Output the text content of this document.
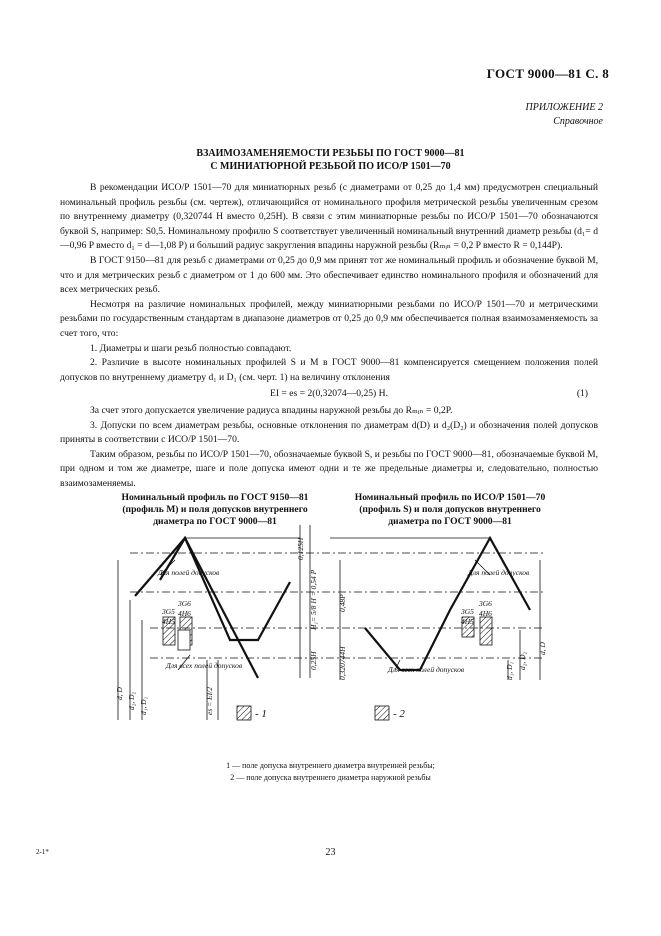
ГОСТ 9000—81 С. 8
ПРИЛОЖЕНИЕ 2
Справочное
ВЗАИМОЗАМЕНЯЕМОСТИ РЕЗЬБЫ ПО ГОСТ 9000—81
С МИНИАТЮРНОЙ РЕЗЬБОЙ ПО ИСО/Р 1501—70

В рекомендации ИСО/Р 1501—70 для миниатюрных резьб (с диаметрами от 0,25 до 1,4 мм) предусмотрен специальный номинальный профиль резьбы (см. чертеж), отличающийся от номинального профиля метрической резьбы увеличенным срезом по внутреннему диаметру (0,320744 H вместо 0,25H). В связи с этим миниатюрные резьбы по ИСО/Р 1501—70 обозначаются буквой S, например: S0,5. Номинальному профилю S соответствует увеличенный номинальный внутренний диаметр резьбы (d₁= d—0,96 P вместо d₁ = d—1,08 P) и больший радиус закругления впадины наружной резьбы (Rₘᵢₙ = 0,2 P вместо R = 0,144P).

В ГОСТ 9150—81 для резьб с диаметрами от 0,25 до 0,9 мм принят тот же номинальный профиль и обозначение буквой M, что и для метрических резьб с диаметром от 1 до 600 мм. Это обеспечивает единство номинального профиля и обозначений для всех метрических резьб.

Несмотря на различие номинальных профилей, между миниатюрными резьбами по ИСО/Р 1501—70 и метрическими резьбами по государственным стандартам в диапазоне диаметров от 0,25 до 0,9 мм обеспечивается полная взаимозаменяемость за счет того, что:

1. Диаметры и шаги резьб полностью совпадают.

2. Различие в высоте номинальных профилей S и M в ГОСТ 9000—81 компенсируется смещением положения полей допусков по внутреннему диаметру d₁ и D₁ (см. черт. 1) на величину отклонения

EI = es = 2(0,32074—0,25) H.	(1)

За счет этого допускается увеличение радиуса впадины наружной резьбы до Rₘᵢₙ = 0,2P.

3. Допуски по всем диаметрам резьбы, основные отклонения по диаметрам d(D) и d₂(D₂) и обозначения полей допусков приняты в соответствии с ИСО/Р 1501—70.

Таким образом, резьбы по ИСО/Р 1501—70, обозначаемые буквой S, и резьбы по ГОСТ 9000—81, обозначаемые буквой M, при одном и том же диаметре, шаге и поле допуска имеют одни и те же предельные диаметры и, следовательно, полностью взаимозаменяемы.

Номинальный профиль по ГОСТ 9150—81
(профиль М) и поля допусков внутреннего
диаметра по ГОСТ 9000—81
Номинальный профиль по ИСО/Р 1501—70
(профиль S) и поля допусков внутреннего
диаметра по ГОСТ 9000—81
0,125H
H₁= 5/8 H = 0,54 P	0,48P
0,25H	0,320744H
Для полей допусков	Для полей допусков
3G5
3G6
4H5
4H6	3G5
3G6
4H5
4H6
Для всех полей допусков	Для всех полей допусков
d, D d₂, D₂ d₁, D₁	es = EI/2
d, D
d₂, D₂
d₁, D₁
- 1	- 2
1 — поле допуска внутреннего диаметра внутренней резьбы;
2 — поле допуска внутреннего диаметра наружной резьбы
2-1*	23
